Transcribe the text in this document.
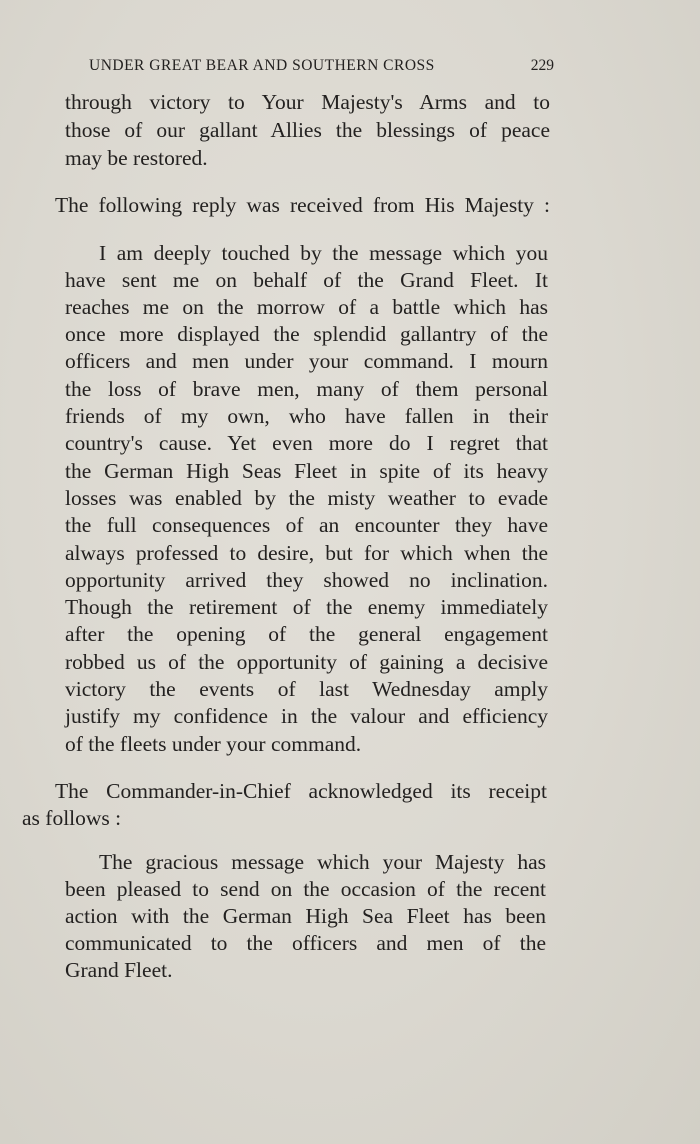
UNDER GREAT BEAR AND SOUTHERN CROSS	229
through victory to Your Majesty's Arms and to
those of our gallant Allies the blessings of peace
may be restored.
The following reply was received from His Majesty :
I am deeply touched by the message which you
have sent me on behalf of the Grand Fleet. It
reaches me on the morrow of a battle which has
once more displayed the splendid gallantry of the
officers and men under your command. I mourn
the loss of brave men, many of them personal
friends of my own, who have fallen in their
country's cause. Yet even more do I regret that
the German High Seas Fleet in spite of its heavy
losses was enabled by the misty weather to evade
the full consequences of an encounter they have
always professed to desire, but for which when the
opportunity arrived they showed no inclination.
Though the retirement of the enemy immediately
after the opening of the general engagement
robbed us of the opportunity of gaining a decisive
victory the events of last Wednesday amply
justify my confidence in the valour and efficiency
of the fleets under your command.
The Commander-in-Chief acknowledged its receipt
as follows :
The gracious message which your Majesty has
been pleased to send on the occasion of the recent
action with the German High Sea Fleet has been
communicated to the officers and men of the
Grand Fleet.
